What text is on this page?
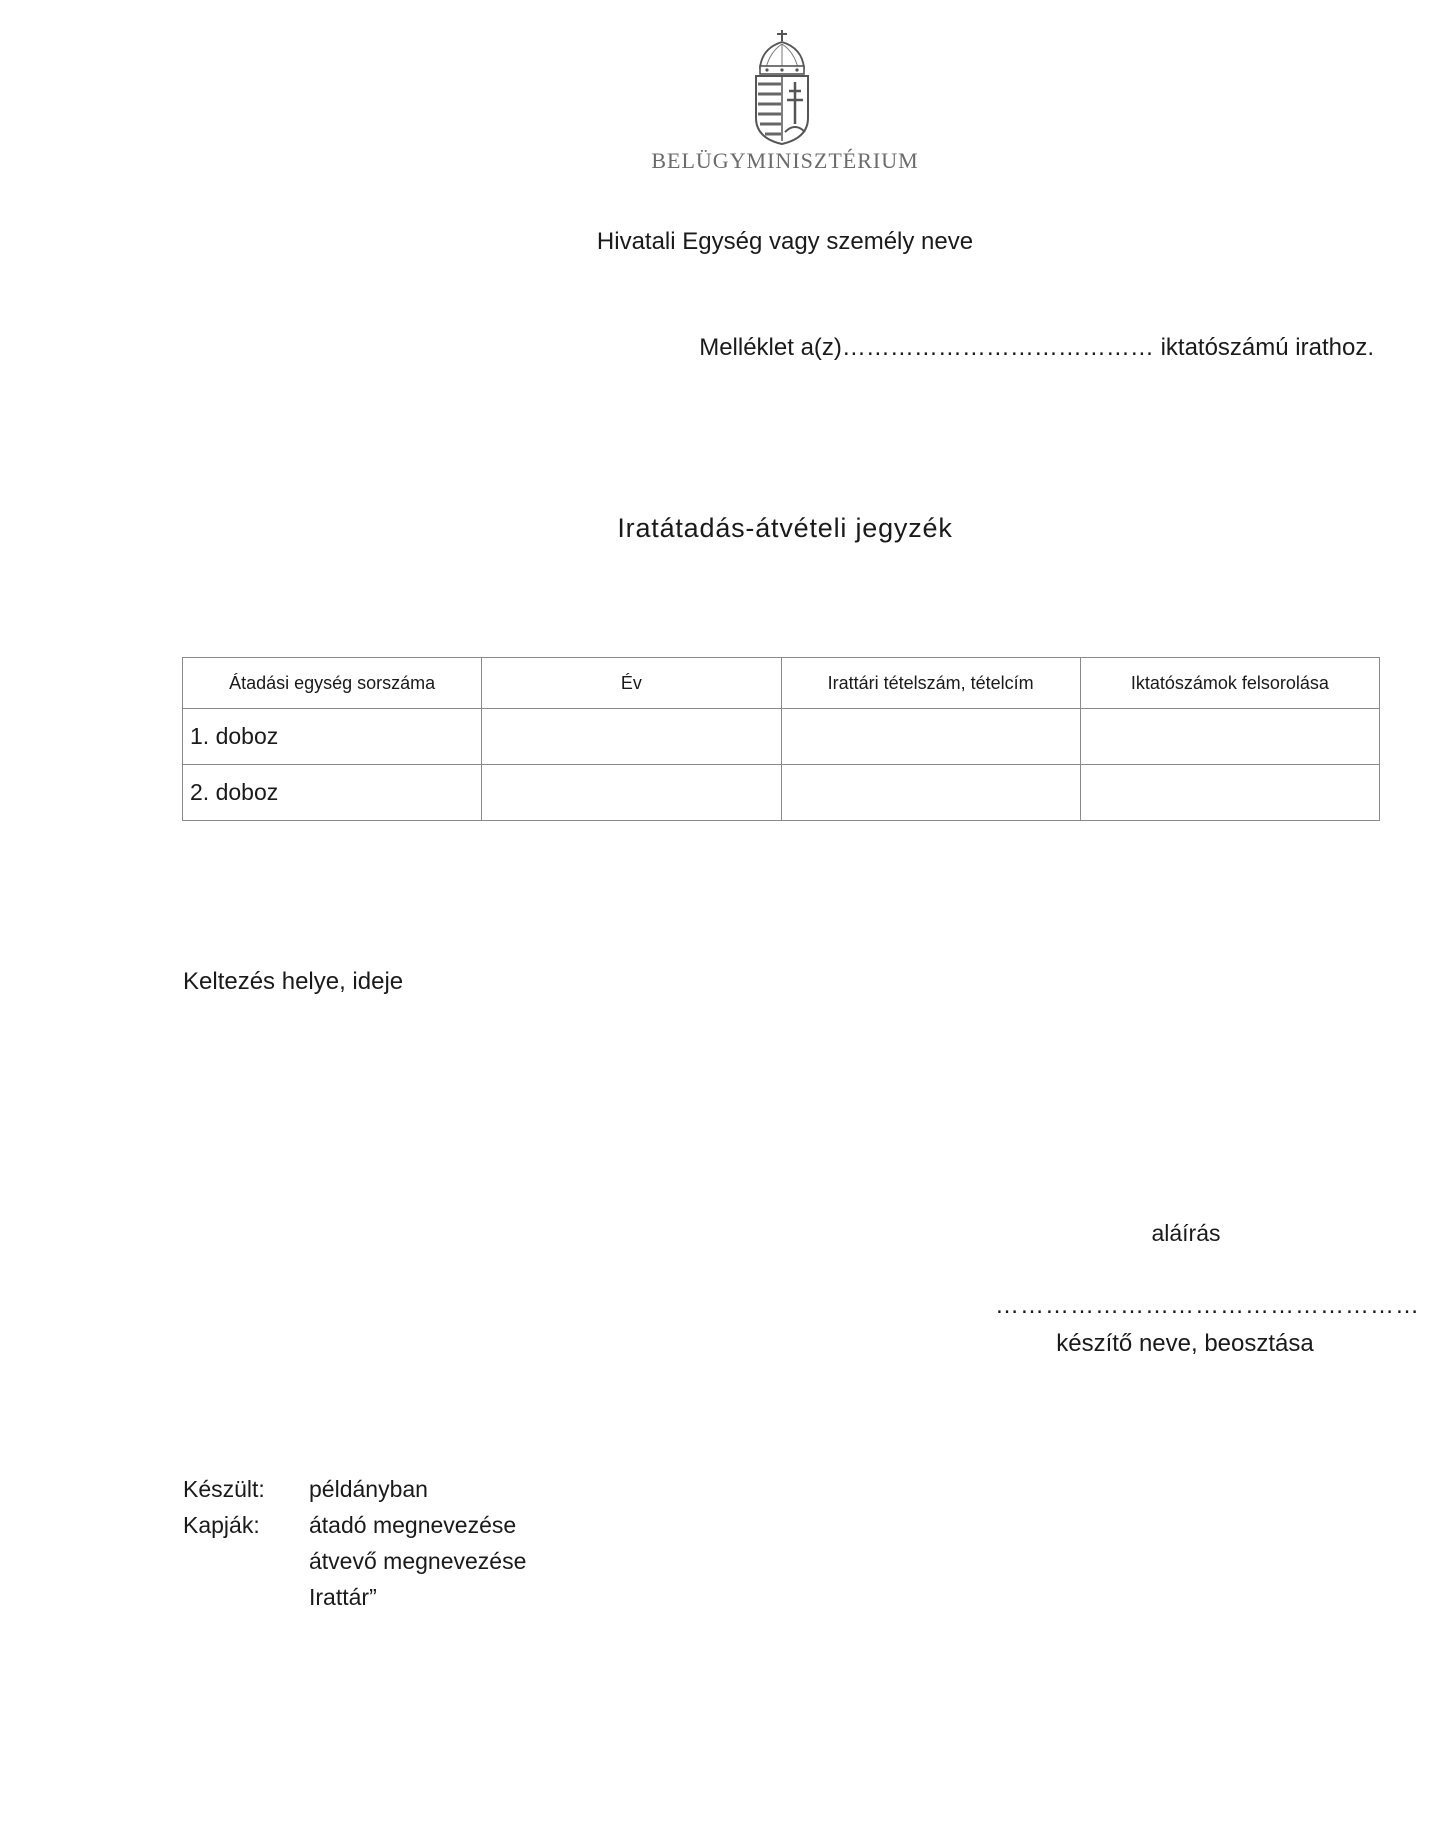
BELÜGYMINISZTÉRIUM
Hivatali Egység vagy személy neve
Melléklet a(z)………………………………… iktatószámú irathoz.
Iratátadás-átvételi jegyzék
Átadási egység sorszáma	Év	Irattári tételszám, tételcím	Iktatószámok felsorolása
1. doboz			
2. doboz			
Keltezés helye, ideje
aláírás
……………………………………………
készítő neve, beosztása
Készült: példányban
Kapják: átadó megnevezése
átvevő megnevezése
Irattár”
